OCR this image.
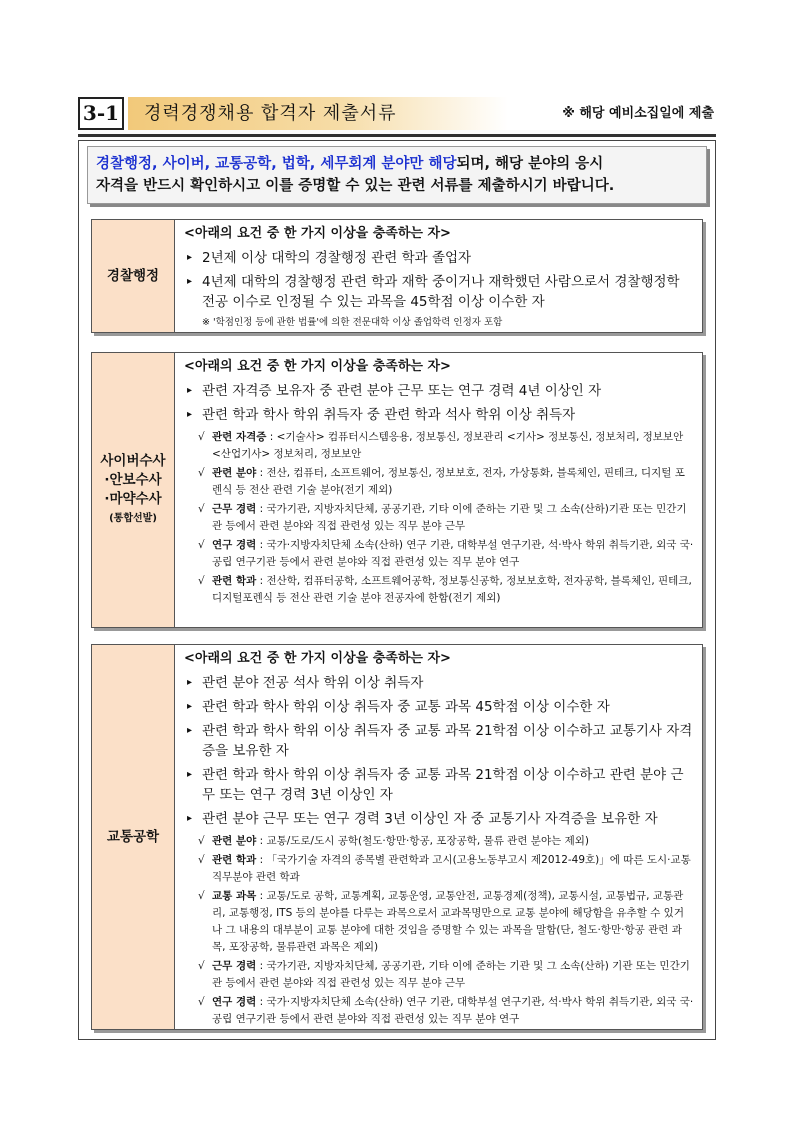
3-1	경력경쟁채용 합격자 제출서류	※ 해당 예비소집일에 제출
경찰행정, 사이버, 교통공학, 법학, 세무회계 분야만 해당되며, 해당 분야의 응시
자격을 반드시 확인하시고 이를 증명할 수 있는 관련 서류를 제출하시기 바랍니다.
경찰행정
<아래의 요건 중 한 가지 이상을 충족하는 자>
▸ 2년제 이상 대학의 경찰행정 관련 학과 졸업자
▸ 4년제 대학의 경찰행정 관련 학과 재학 중이거나 재학했던 사람으로서 경찰행정학 전공 이수로 인정될 수 있는 과목을 45학점 이상 이수한 자
※ '학점인정 등에 관한 법률'에 의한 전문대학 이상 졸업학력 인정자 포함
사이버수사
·안보수사
·마약수사
(통합선발)
<아래의 요건 중 한 가지 이상을 충족하는 자>
▸ 관련 자격증 보유자 중 관련 분야 근무 또는 연구 경력 4년 이상인 자
▸ 관련 학과 학사 학위 취득자 중 관련 학과 석사 학위 이상 취득자
√ 관련 자격증 : <기술사> 컴퓨터시스템응용, 정보통신, 정보관리 <기사> 정보통신, 정보처리, 정보보안 <산업기사> 정보처리, 정보보안
√ 관련 분야 : 전산, 컴퓨터, 소프트웨어, 정보통신, 정보보호, 전자, 가상통화, 블록체인, 핀테크, 디지털 포렌식 등 전산 관련 기술 분야(전기 제외)
√ 근무 경력 : 국가기관, 지방자치단체, 공공기관, 기타 이에 준하는 기관 및 그 소속(산하)기관 또는 민간기관 등에서 관련 분야와 직접 관련성 있는 직무 분야 근무
√ 연구 경력 : 국가·지방자치단체 소속(산하) 연구 기관, 대학부설 연구기관, 석·박사 학위 취득기관, 외국 국·공립 연구기관 등에서 관련 분야와 직접 관련성 있는 직무 분야 연구
√ 관련 학과 : 전산학, 컴퓨터공학, 소프트웨어공학, 정보통신공학, 정보보호학, 전자공학, 블록체인, 핀테크, 디지털포렌식 등 전산 관련 기술 분야 전공자에 한함(전기 제외)
교통공학
<아래의 요건 중 한 가지 이상을 충족하는 자>
▸ 관련 분야 전공 석사 학위 이상 취득자
▸ 관련 학과 학사 학위 이상 취득자 중 교통 과목 45학점 이상 이수한 자
▸ 관련 학과 학사 학위 이상 취득자 중 교통 과목 21학점 이상 이수하고 교통기사 자격증을 보유한 자
▸ 관련 학과 학사 학위 이상 취득자 중 교통 과목 21학점 이상 이수하고 관련 분야 근무 또는 연구 경력 3년 이상인 자
▸ 관련 분야 근무 또는 연구 경력 3년 이상인 자 중 교통기사 자격증을 보유한 자
√ 관련 분야 : 교통/도로/도시 공학(철도·항만·항공, 포장공학, 물류 관련 분야는 제외)
√ 관련 학과 : 「국가기술 자격의 종목별 관련학과 고시(고용노동부고시 제2012-49호)」에 따른 도시·교통 직무분야 관련 학과
√ 교통 과목 : 교통/도로 공학, 교통계획, 교통운영, 교통안전, 교통경제(정책), 교통시설, 교통법규, 교통관리, 교통행정, ITS 등의 분야를 다루는 과목으로서 교과목명만으로 교통 분야에 해당함을 유추할 수 있거나 그 내용의 대부분이 교통 분야에 대한 것임을 증명할 수 있는 과목을 말함(단, 철도·항만·항공 관련 과목, 포장공학, 물류관련 과목은 제외)
√ 근무 경력 : 국가기관, 지방자치단체, 공공기관, 기타 이에 준하는 기관 및 그 소속(산하) 기관 또는 민간기관 등에서 관련 분야와 직접 관련성 있는 직무 분야 근무
√ 연구 경력 : 국가·지방자치단체 소속(산하) 연구 기관, 대학부설 연구기관, 석·박사 학위 취득기관, 외국 국·공립 연구기관 등에서 관련 분야와 직접 관련성 있는 직무 분야 연구
